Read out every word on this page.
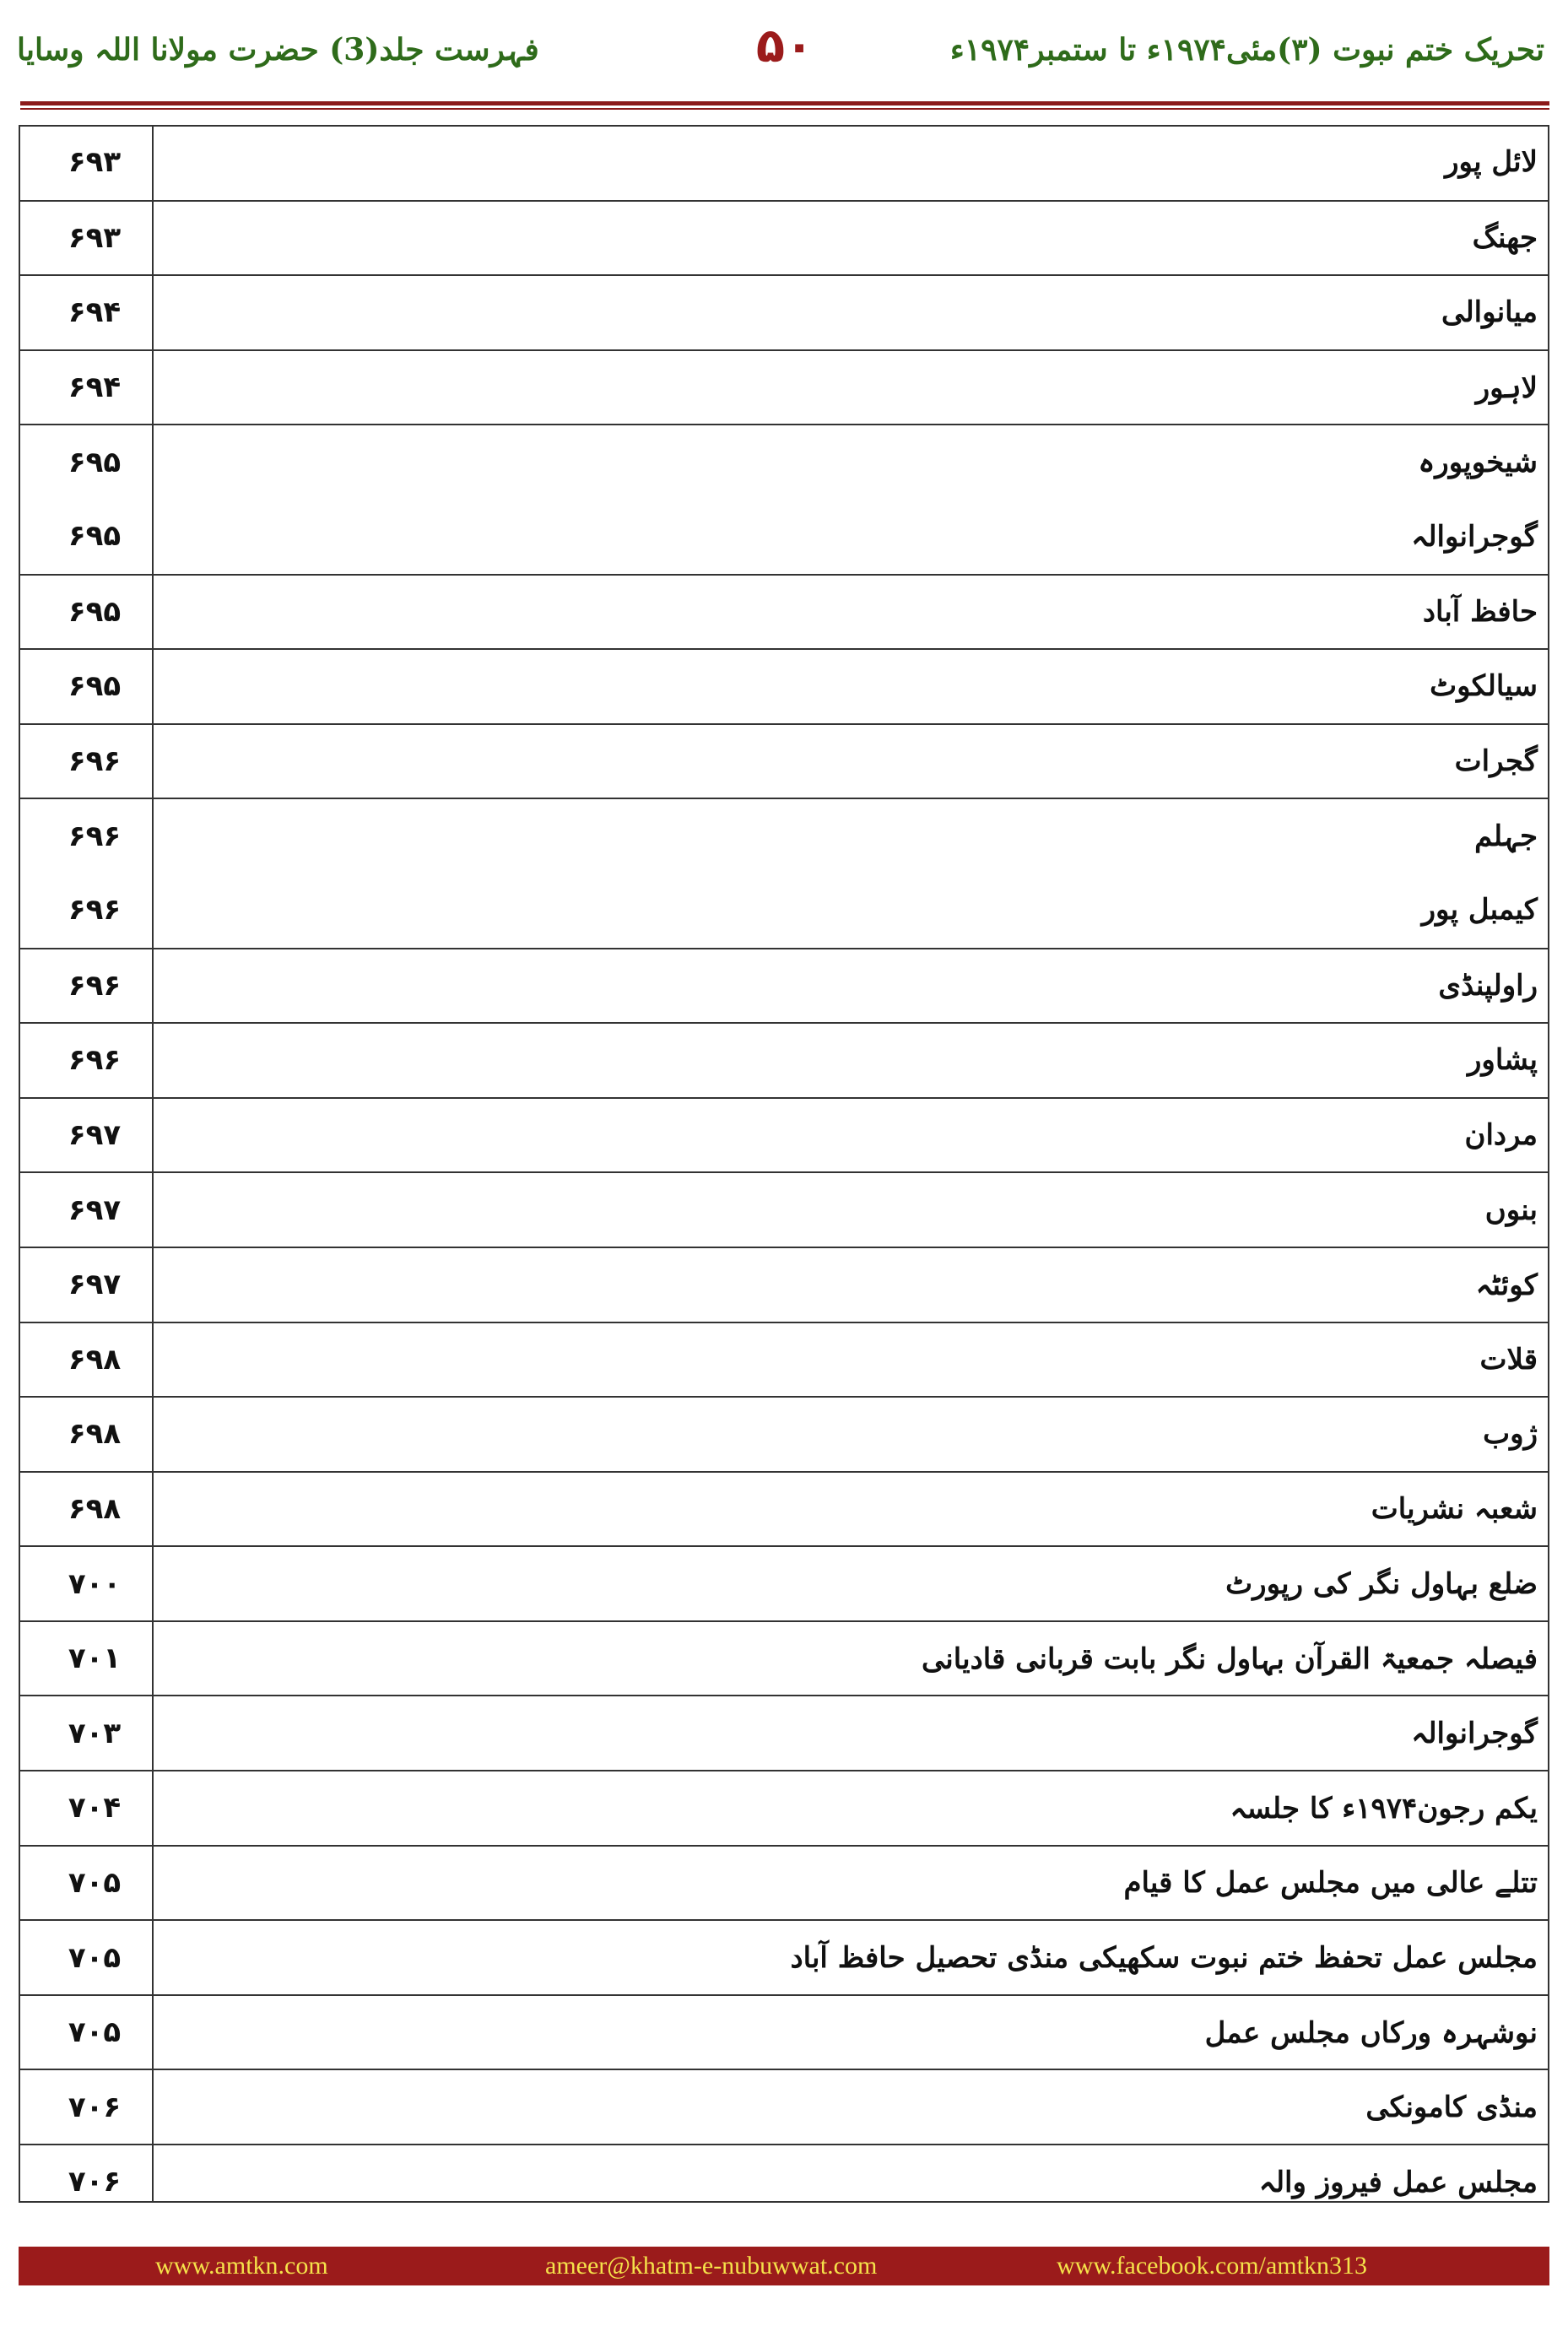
تحریک ختم نبوت (۳)مئی۱۹۷۴ء تا ستمبر۱۹۷۴ء
۵۰
فہرست جلد(3) حضرت مولانا اللہ وسایا
لائل پور
۶۹۳
جھنگ
۶۹۳
میانوالی
۶۹۴
لاہور
۶۹۴
شیخوپورہ
۶۹۵
گوجرانوالہ
۶۹۵
حافظ آباد
۶۹۵
سیالکوٹ
۶۹۵
گجرات
۶۹۶
جہلم
۶۹۶
کیمبل پور
۶۹۶
راولپنڈی
۶۹۶
پشاور
۶۹۶
مردان
۶۹۷
بنوں
۶۹۷
کوئٹہ
۶۹۷
قلات
۶۹۸
ژوب
۶۹۸
شعبہ نشریات
۶۹۸
ضلع بہاول نگر کی رپورٹ
۷۰۰
فیصلہ جمعیۃ القرآن بہاول نگر بابت قربانی قادیانی
۷۰۱
گوجرانوالہ
۷۰۳
یکم رجون۱۹۷۴ء کا جلسہ
۷۰۴
تتلے عالی میں مجلس عمل کا قیام
۷۰۵
مجلس عمل تحفظ ختم نبوت سکھیکی منڈی تحصیل حافظ آباد
۷۰۵
نوشہرہ ورکاں مجلس عمل
۷۰۵
منڈی کامونکی
۷۰۶
مجلس عمل فیروز والہ
۷۰۶
www.amtkn.com	ameer@khatm-e-nubuwwat.com	www.facebook.com/amtkn313
